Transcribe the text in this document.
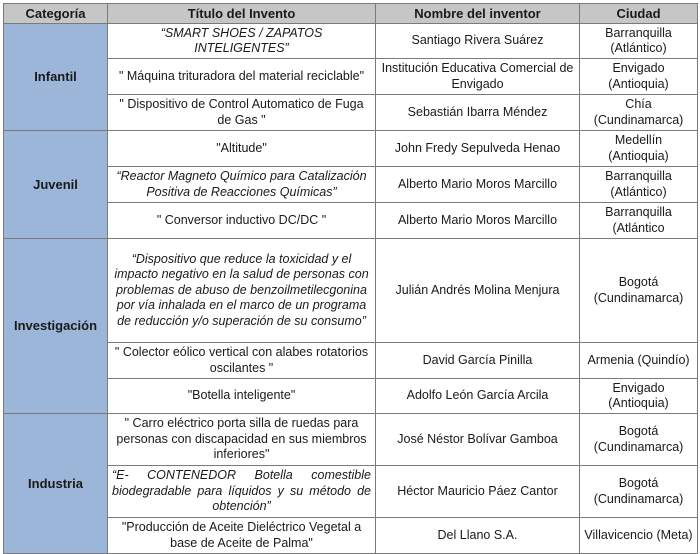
Categoría	Título del Invento	Nombre del inventor	Ciudad
Infantil	“SMART SHOES / ZAPATOS INTELIGENTES”	Santiago Rivera Suárez	Barranquilla (Atlántico)
	" Máquina trituradora del material reciclable"	Institución Educativa Comercial de Envigado	Envigado (Antioquia)
	" Dispositivo de Control Automatico de Fuga de Gas "	Sebastián Ibarra Méndez	Chía (Cundinamarca)
Juvenil	"Altitude"	John Fredy Sepulveda Henao	Medellín (Antioquia)
	“Reactor Magneto Químico para Catalización Positiva de Reacciones Químicas”	Alberto Mario Moros Marcillo	Barranquilla (Atlántico)
	" Conversor inductivo DC/DC "	Alberto Mario Moros Marcillo	Barranquilla (Atlántico
Investigación	“Dispositivo que reduce la toxicidad y el impacto negativo en la salud de personas con problemas de abuso de benzoilmetilecgonina por vía inhalada en el marco de un programa de reducción y/o superación de su consumo”	Julián Andrés Molina Menjura	Bogotá (Cundinamarca)
	" Colector eólico vertical con alabes rotatorios oscilantes "	David García Pinilla	Armenia (Quindío)
	"Botella inteligente"	Adolfo León García Arcila	Envigado (Antioquia)
Industria	" Carro eléctrico porta silla de ruedas para personas con discapacidad en sus miembros inferiores"	José Néstor Bolívar Gamboa	Bogotá (Cundinamarca)
	“E- CONTENEDOR Botella comestible biodegradable para líquidos y su método de obtención”	Héctor Mauricio Páez Cantor	Bogotá (Cundinamarca)
	"Producción de Aceite Dieléctrico Vegetal a base de Aceite de Palma"	Del Llano S.A.	Villavicencio (Meta)
